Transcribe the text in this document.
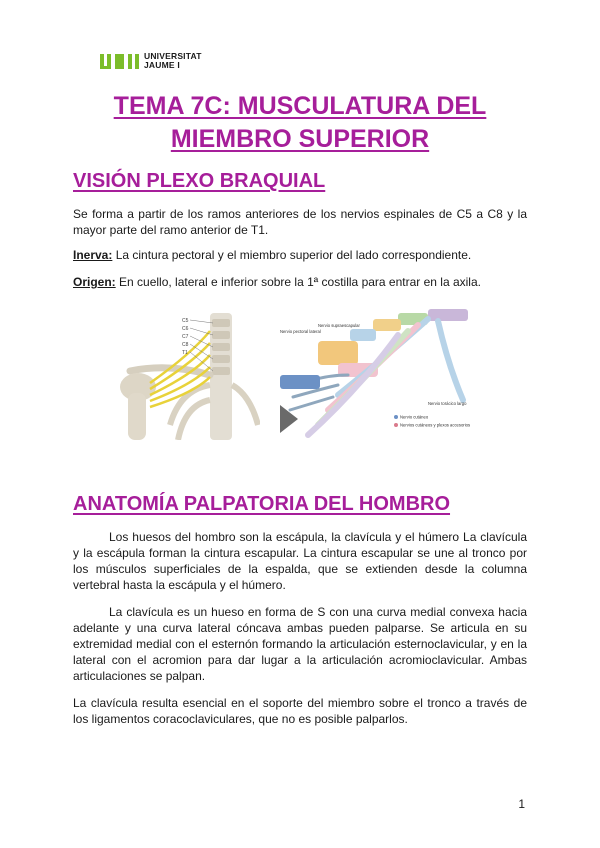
UNIVERSITAT
JAUME I
TEMA 7C: MUSCULATURA DEL
MIEMBRO SUPERIOR
VISIÓN PLEXO BRAQUIAL

Se forma a partir de los ramos anteriores de los nervios espinales de C5 a C8 y la mayor parte del ramo anterior de T1.

Inerva: La cintura pectoral y el miembro superior del lado correspondiente.

Origen: En cuello, lateral e inferior sobre la 1ª costilla para entrar en la axila.

C5
C6
C7
C8
T1
Nervio pectoral lateral
Nervio supraescapular
Nervio torácico largo
Nervio cutáneo
Nervios cutáneos y plexos accesorios
ANATOMÍA PALPATORIA DEL HOMBRO

Los huesos del hombro son la escápula, la clavícula y el húmero La clavícula y la escápula forman la cintura escapular. La cintura escapular se une al tronco por los músculos superficiales de la espalda, que se extienden desde la columna vertebral hasta la escápula y el húmero.

La clavícula es un hueso en forma de S con una curva medial convexa hacia adelante y una curva lateral cóncava ambas pueden palparse. Se articula en su extremidad medial con el esternón formando la articulación esternoclavicular, y en la lateral con el acromion para dar lugar a la articulación acromioclavicular. Ambas articulaciones se palpan.

La clavícula resulta esencial en el soporte del miembro sobre el tronco a través de los ligamentos coracoclaviculares, que no es posible palparlos.

1
